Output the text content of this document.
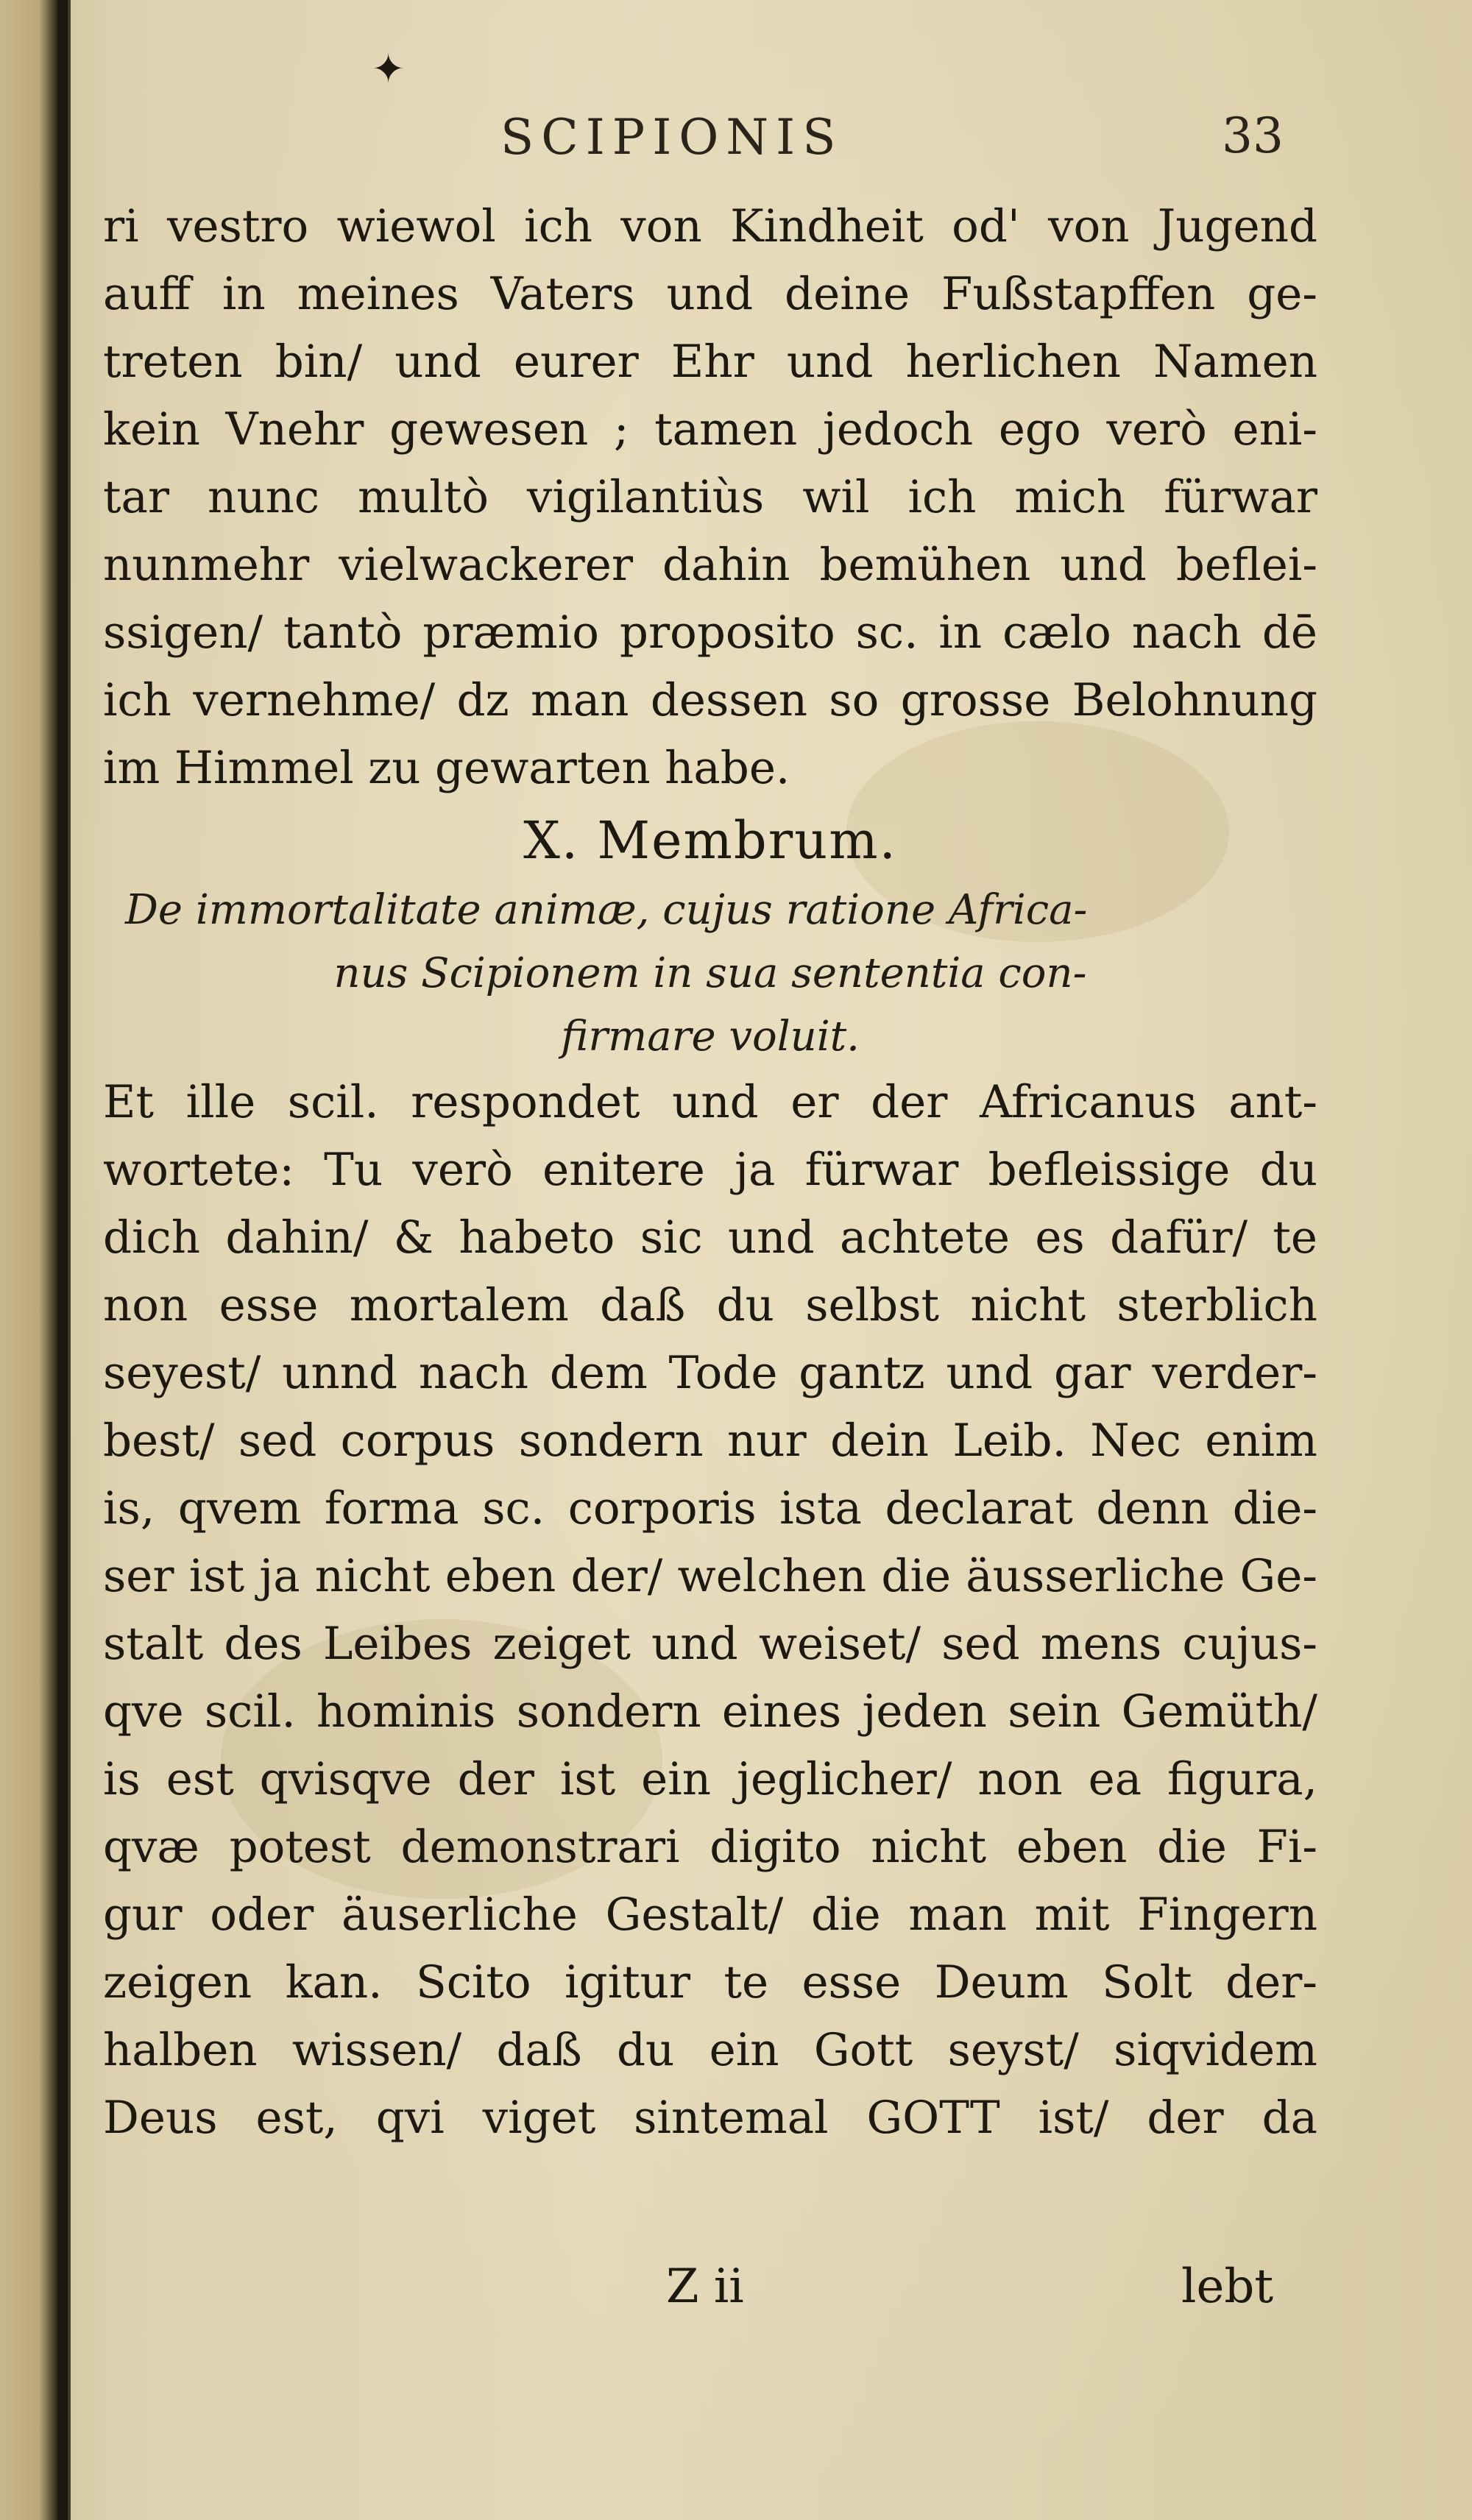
✦
SCIPIONIS	33
ri vestro wiewol ich von Kindheit od' von Jugend
auff in meines Vaters und deine Fußstapffen ge-
treten bin/ und eurer Ehr und herlichen Namen
kein Vnehr gewesen ; tamen jedoch ego verò eni-
tar nunc multò vigilantiùs wil ich mich fürwar
nunmehr vielwackerer dahin bemühen und beflei-
ssigen/ tantò præmio proposito sc. in cælo nach dē
ich vernehme/ dz man dessen so grosse Belohnung
im Himmel zu gewarten habe.
X. Membrum.
De immortalitate animæ, cujus ratione Africa-
nus Scipionem in sua sententia con-
firmare voluit.
Et ille scil. respondet und er der Africanus ant-
wortete: Tu verò enitere ja fürwar befleissige du
dich dahin/ & habeto sic und achtete es dafür/ te
non esse mortalem daß du selbst nicht sterblich
seyest/ unnd nach dem Tode gantz und gar verder-
best/ sed corpus sondern nur dein Leib. Nec enim
is, qvem forma sc. corporis ista declarat denn die-
ser ist ja nicht eben der/ welchen die äusserliche Ge-
stalt des Leibes zeiget und weiset/ sed mens cujus-
qve scil. hominis sondern eines jeden sein Gemüth/
is est qvisqve der ist ein jeglicher/ non ea figura,
qvæ potest demonstrari digito nicht eben die Fi-
gur oder äuserliche Gestalt/ die man mit Fingern
zeigen kan. Scito igitur te esse Deum Solt der-
halben wissen/ daß du ein Gott seyst/ siqvidem
Deus est, qvi viget sintemal GOTT ist/ der da
Z ii	lebt
